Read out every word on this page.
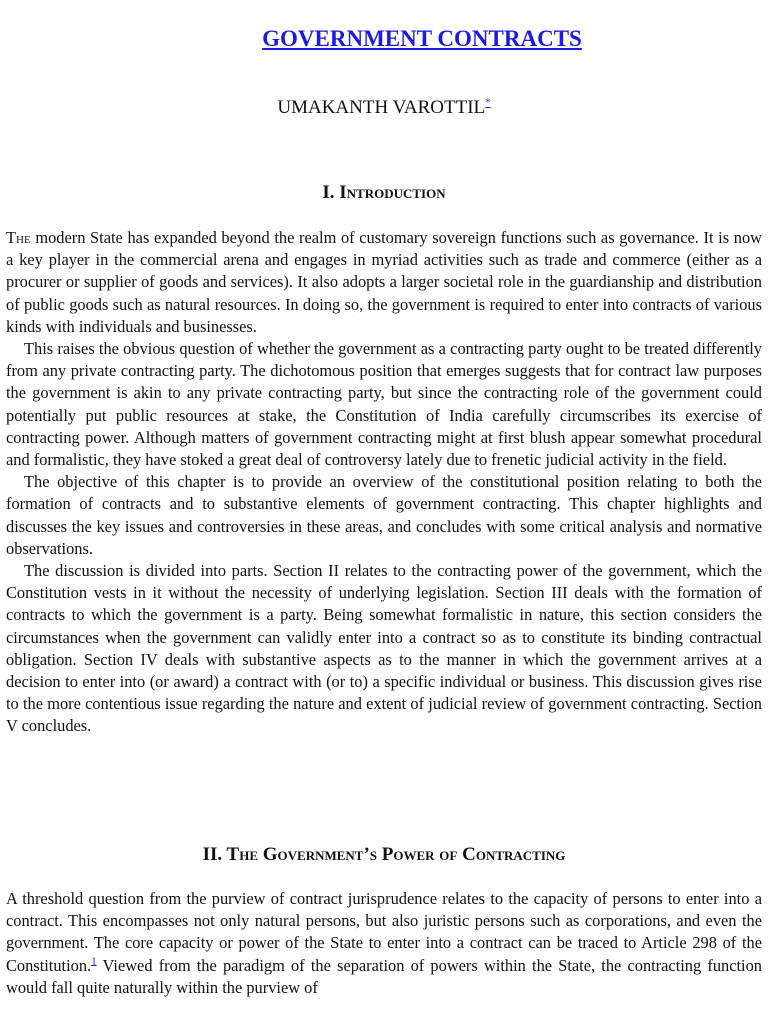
GOVERNMENT CONTRACTS
UMAKANTH VAROTTIL*
I. Introduction

The modern State has expanded beyond the realm of customary sovereign functions such as governance. It is now a key player in the commercial arena and engages in myriad activities such as trade and commerce (either as a procurer or supplier of goods and services). It also adopts a larger societal role in the guardianship and distribution of public goods such as natural resources. In doing so, the government is required to enter into contracts of various kinds with individuals and businesses.

This raises the obvious question of whether the government as a contracting party ought to be treated differently from any private contracting party. The dichotomous position that emerges suggests that for contract law purposes the government is akin to any private contracting party, but since the contracting role of the government could potentially put public resources at stake, the Constitution of India carefully circumscribes its exercise of contracting power. Although matters of government contracting might at first blush appear somewhat procedural and formalistic, they have stoked a great deal of controversy lately due to frenetic judicial activity in the field.

The objective of this chapter is to provide an overview of the constitutional position relating to both the formation of contracts and to substantive elements of government contracting. This chapter highlights and discusses the key issues and controversies in these areas, and concludes with some critical analysis and normative observations.

The discussion is divided into parts. Section II relates to the contracting power of the government, which the Constitution vests in it without the necessity of underlying legislation. Section III deals with the formation of contracts to which the government is a party. Being somewhat formalistic in nature, this section considers the circumstances when the government can validly enter into a contract so as to constitute its binding contractual obligation. Section IV deals with substantive aspects as to the manner in which the government arrives at a decision to enter into (or award) a contract with (or to) a specific individual or business. This discussion gives rise to the more contentious issue regarding the nature and extent of judicial review of government contracting. Section V concludes.

II. The Government’s Power of Contracting

A threshold question from the purview of contract jurisprudence relates to the capacity of persons to enter into a contract. This encompasses not only natural persons, but also juristic persons such as corporations, and even the government. The core capacity or power of the State to enter into a contract can be traced to Article 298 of the Constitution.$^1$ Viewed from the paradigm of the separation of powers within the State, the contracting function would fall quite naturally within the purview of
